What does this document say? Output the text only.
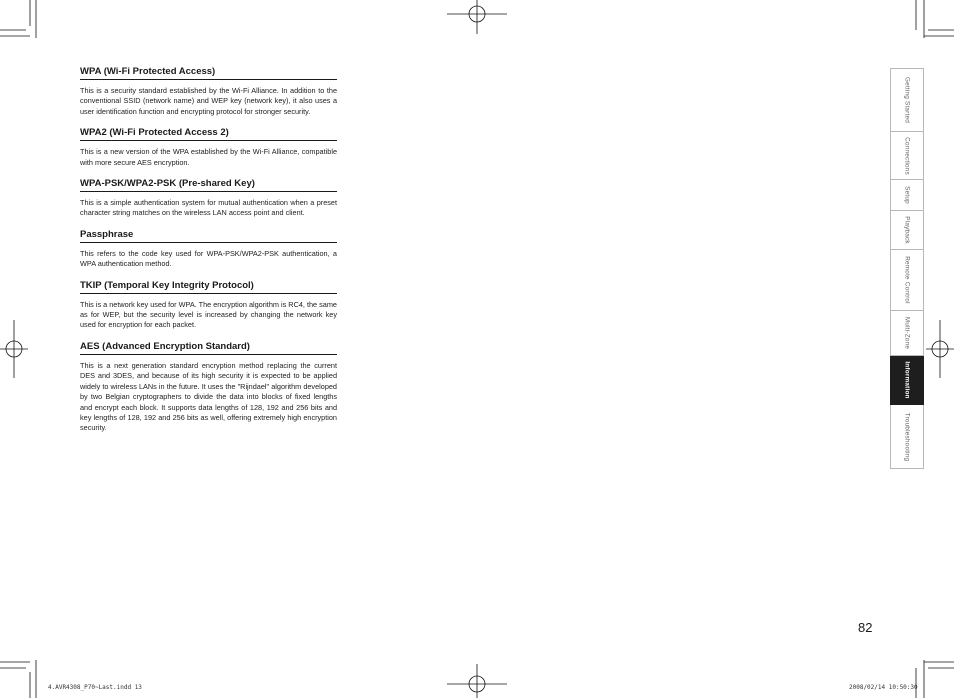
WPA (Wi-Fi Protected Access)

This is a security standard established by the Wi-Fi Alliance. In addition to the conventional SSID (network name) and WEP key (network key), it also uses a user identification function and encrypting protocol for stronger security.

WPA2 (Wi-Fi Protected Access 2)

This is a new version of the WPA established by the Wi-Fi Alliance, compatible with more secure AES encryption.

WPA-PSK/WPA2-PSK (Pre-shared Key)

This is a simple authentication system for mutual authentication when a preset character string matches on the wireless LAN access point and client.

Passphrase

This refers to the code key used for WPA-PSK/WPA2-PSK authentication, a WPA authentication method.

TKIP (Temporal Key Integrity Protocol)

This is a network key used for WPA. The encryption algorithm is RC4, the same as for WEP, but the security level is increased by changing the network key used for encryption for each packet.

AES (Advanced Encryption Standard)

This is a next generation standard encryption method replacing the current DES and 3DES, and because of its high security it is expected to be applied widely to wireless LANs in the future. It uses the "Rijndael" algorithm developed by two Belgian cryptographers to divide the data into blocks of fixed lengths and encrypt each block. It supports data lengths of 128, 192 and 256 bits and key lengths of 128, 192 and 256 bits as well, offering extremely high encryption security.

Getting Started
Connections
Setup
Playback
Remote Control
Multi-Zone
Information
Troubleshooting
82
4.AVR4308_P70~Last.indd 13	2008/02/14 10:50:30
